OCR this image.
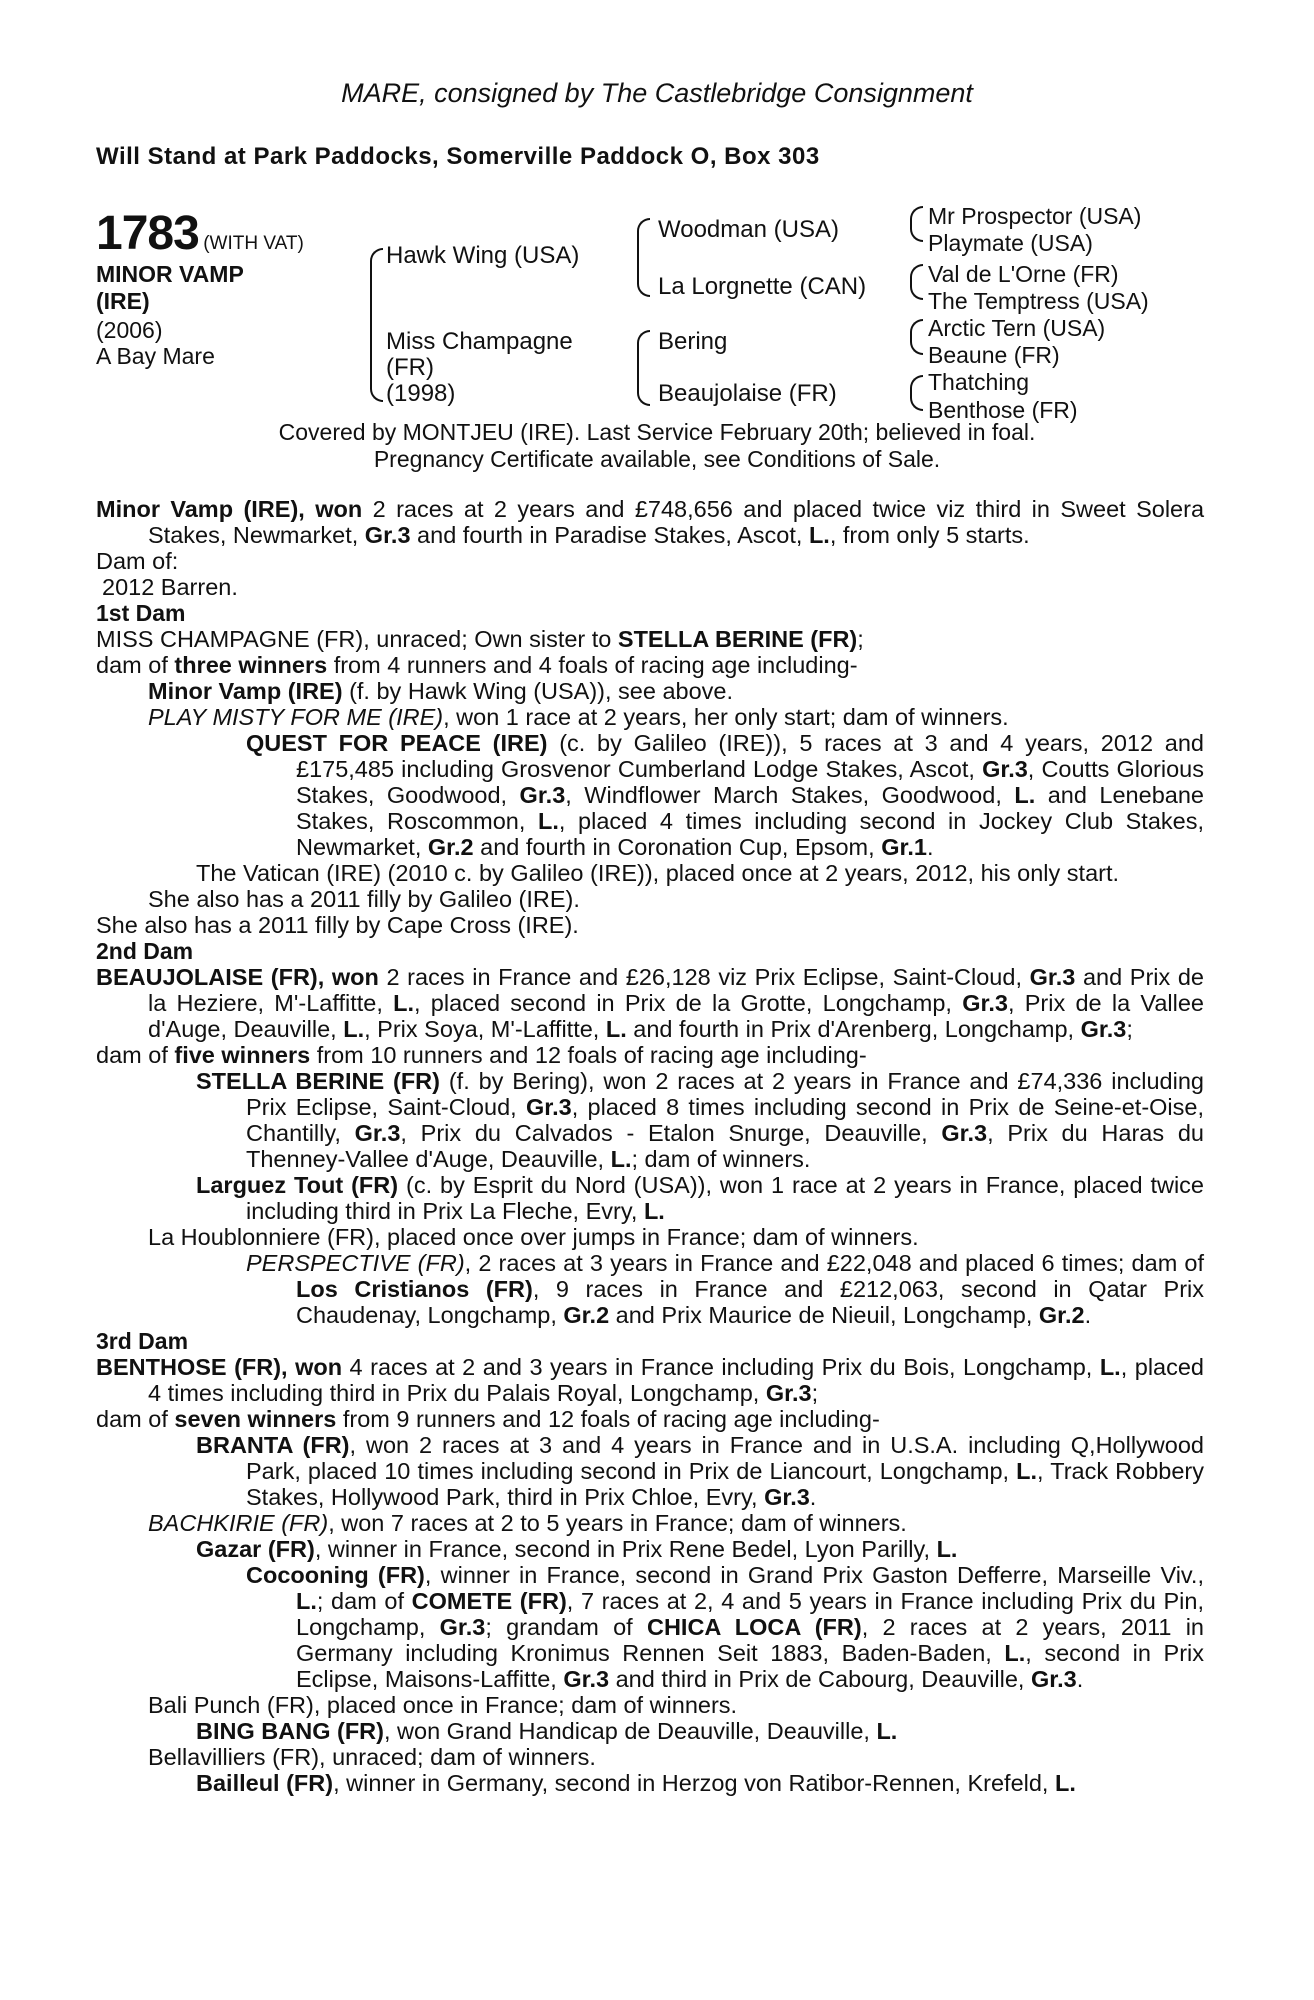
MARE, consigned by The Castlebridge Consignment
Will Stand at Park Paddocks, Somerville Paddock O, Box 303
1783 (WITH VAT)
MINOR VAMP
(IRE)
(2006)
A Bay Mare
Hawk Wing (USA)
Miss Champagne
(FR)
(1998)
Woodman (USA)
La Lorgnette (CAN)
Bering
Beaujolaise (FR)
Mr Prospector (USA)
Playmate (USA)
Val de L'Orne (FR)
The Temptress (USA)
Arctic Tern (USA)
Beaune (FR)
Thatching
Benthose (FR)
Covered by MONTJEU (IRE). Last Service February 20th; believed in foal.
Pregnancy Certificate available, see Conditions of Sale.

Minor Vamp (IRE), won 2 races at 2 years and £748,656 and placed twice viz third in Sweet Solera Stakes, Newmarket, Gr.3 and fourth in Paradise Stakes, Ascot, L., from only 5 starts.

Dam of:

2012 Barren.

1st Dam

MISS CHAMPAGNE (FR), unraced; Own sister to STELLA BERINE (FR);

dam of three winners from 4 runners and 4 foals of racing age including-

Minor Vamp (IRE) (f. by Hawk Wing (USA)), see above.

PLAY MISTY FOR ME (IRE), won 1 race at 2 years, her only start; dam of winners.

QUEST FOR PEACE (IRE) (c. by Galileo (IRE)), 5 races at 3 and 4 years, 2012 and £175,485 including Grosvenor Cumberland Lodge Stakes, Ascot, Gr.3, Coutts Glorious Stakes, Goodwood, Gr.3, Windflower March Stakes, Goodwood, L. and Lenebane Stakes, Roscommon, L., placed 4 times including second in Jockey Club Stakes, Newmarket, Gr.2 and fourth in Coronation Cup, Epsom, Gr.1.

The Vatican (IRE) (2010 c. by Galileo (IRE)), placed once at 2 years, 2012, his only start.

She also has a 2011 filly by Galileo (IRE).

She also has a 2011 filly by Cape Cross (IRE).

2nd Dam

BEAUJOLAISE (FR), won 2 races in France and £26,128 viz Prix Eclipse, Saint-Cloud, Gr.3 and Prix de la Heziere, M'-Laffitte, L., placed second in Prix de la Grotte, Longchamp, Gr.3, Prix de la Vallee d'Auge, Deauville, L., Prix Soya, M'-Laffitte, L. and fourth in Prix d'Arenberg, Longchamp, Gr.3;

dam of five winners from 10 runners and 12 foals of racing age including-

STELLA BERINE (FR) (f. by Bering), won 2 races at 2 years in France and £74,336 including Prix Eclipse, Saint-Cloud, Gr.3, placed 8 times including second in Prix de Seine-et-Oise, Chantilly, Gr.3, Prix du Calvados - Etalon Snurge, Deauville, Gr.3, Prix du Haras du Thenney-Vallee d'Auge, Deauville, L.; dam of winners.

Larguez Tout (FR) (c. by Esprit du Nord (USA)), won 1 race at 2 years in France, placed twice including third in Prix La Fleche, Evry, L.

La Houblonniere (FR), placed once over jumps in France; dam of winners.

PERSPECTIVE (FR), 2 races at 3 years in France and £22,048 and placed 6 times; dam of Los Cristianos (FR), 9 races in France and £212,063, second in Qatar Prix Chaudenay, Longchamp, Gr.2 and Prix Maurice de Nieuil, Longchamp, Gr.2.

3rd Dam

BENTHOSE (FR), won 4 races at 2 and 3 years in France including Prix du Bois, Longchamp, L., placed 4 times including third in Prix du Palais Royal, Longchamp, Gr.3;

dam of seven winners from 9 runners and 12 foals of racing age including-

BRANTA (FR), won 2 races at 3 and 4 years in France and in U.S.A. including Q,Hollywood Park, placed 10 times including second in Prix de Liancourt, Longchamp, L., Track Robbery Stakes, Hollywood Park, third in Prix Chloe, Evry, Gr.3.

BACHKIRIE (FR), won 7 races at 2 to 5 years in France; dam of winners.

Gazar (FR), winner in France, second in Prix Rene Bedel, Lyon Parilly, L.

Cocooning (FR), winner in France, second in Grand Prix Gaston Defferre, Marseille Viv., L.; dam of COMETE (FR), 7 races at 2, 4 and 5 years in France including Prix du Pin, Longchamp, Gr.3; grandam of CHICA LOCA (FR), 2 races at 2 years, 2011 in Germany including Kronimus Rennen Seit 1883, Baden-Baden, L., second in Prix Eclipse, Maisons-Laffitte, Gr.3 and third in Prix de Cabourg, Deauville, Gr.3.

Bali Punch (FR), placed once in France; dam of winners.

BING BANG (FR), won Grand Handicap de Deauville, Deauville, L.

Bellavilliers (FR), unraced; dam of winners.

Bailleul (FR), winner in Germany, second in Herzog von Ratibor-Rennen, Krefeld, L.
